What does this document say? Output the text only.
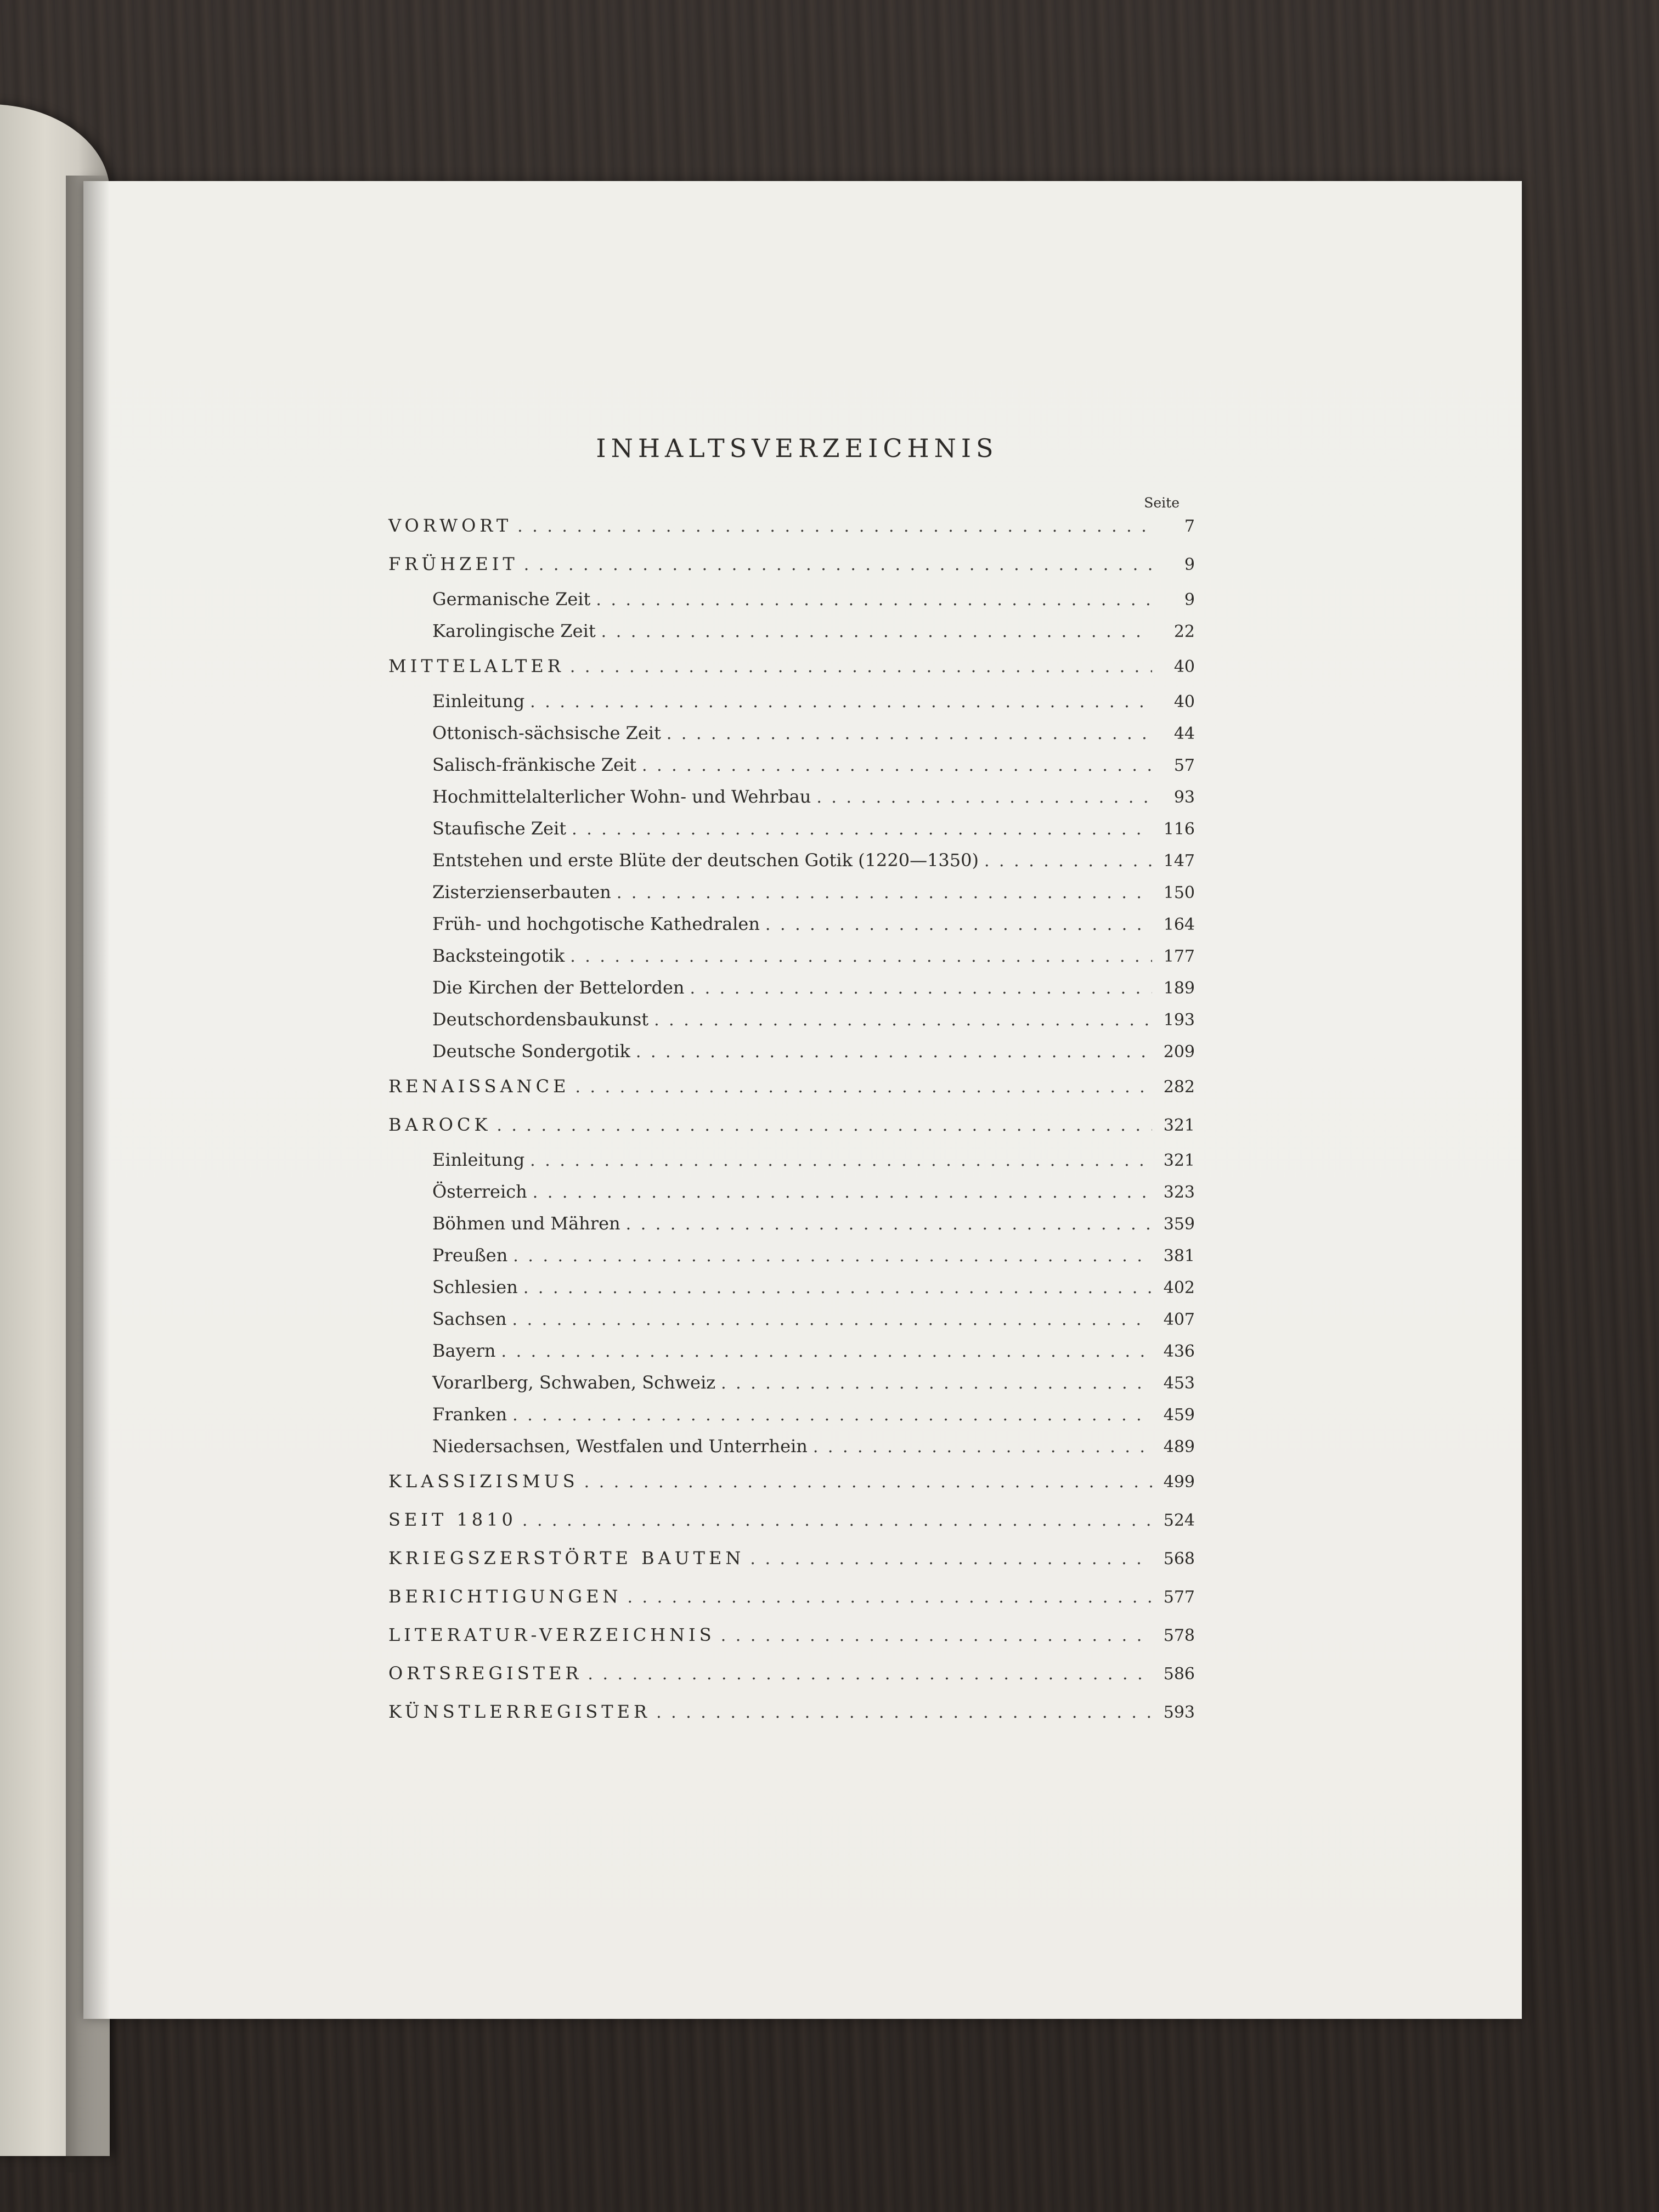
INHALTSVERZEICHNIS
Seite
VORWORT . . .	7
FRÜHZEIT . . .	9
Germanische Zeit . . .	9
Karolingische Zeit . . .	22
MITTELALTER . . .	40
Einleitung . . .	40
Ottonisch-sächsische Zeit . . .	44
Salisch-fränkische Zeit . . .	57
Hochmittelalterlicher Wohn- und Wehrbau . . .	93
Staufische Zeit . . .	116
Entstehen und erste Blüte der deutschen Gotik (1220—1350) . . .	147
Zisterzienserbauten . . .	150
Früh- und hochgotische Kathedralen . . .	164
Backsteingotik . . .	177
Die Kirchen der Bettelorden . . .	189
Deutschordensbaukunst . . .	193
Deutsche Sondergotik . . .	209
RENAISSANCE . . .	282
BAROCK . . .	321
Einleitung . . .	321
Österreich . . .	323
Böhmen und Mähren . . .	359
Preußen . . .	381
Schlesien . . .	402
Sachsen . . .	407
Bayern . . .	436
Vorarlberg, Schwaben, Schweiz . . .	453
Franken . . .	459
Niedersachsen, Westfalen und Unterrhein . . .	489
KLASSIZISMUS . . .	499
SEIT 1810 . . .	524
KRIEGSZERSTÖRTE BAUTEN . . .	568
BERICHTIGUNGEN . . .	577
LITERATUR-VERZEICHNIS . . .	578
ORTSREGISTER . . .	586
KÜNSTLERREGISTER . . .	593
